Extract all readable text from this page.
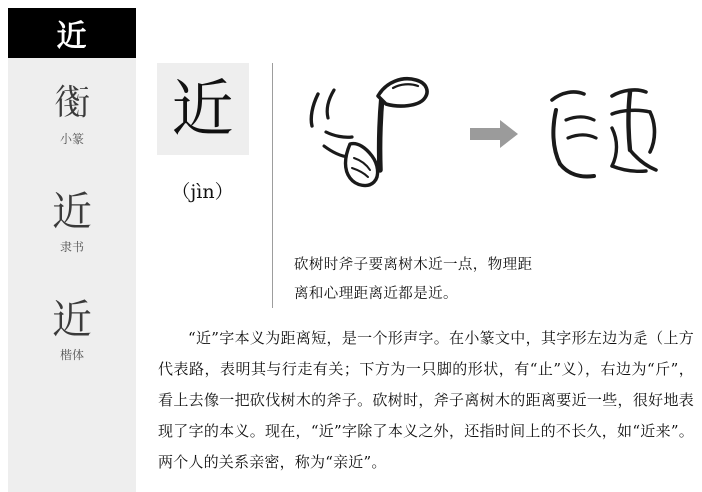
近
𧗸
小篆
近
隶书
近
楷体
近
（jìn）
砍树时斧子要离树木近一点，物理距
离和心理距离近都是近。
“近”字本义为距离短，是一个形声字。在小篆文中，其字形左边为辵（上方代表路，表明其与行走有关；下方为一只脚的形状，有“止”义），右边为“斤”，看上去像一把砍伐树木的斧子。砍树时，斧子离树木的距离要近一些，很好地表现了字的本义。现在，“近”字除了本义之外，还指时间上的不长久，如“近来”。两个人的关系亲密，称为“亲近”。
